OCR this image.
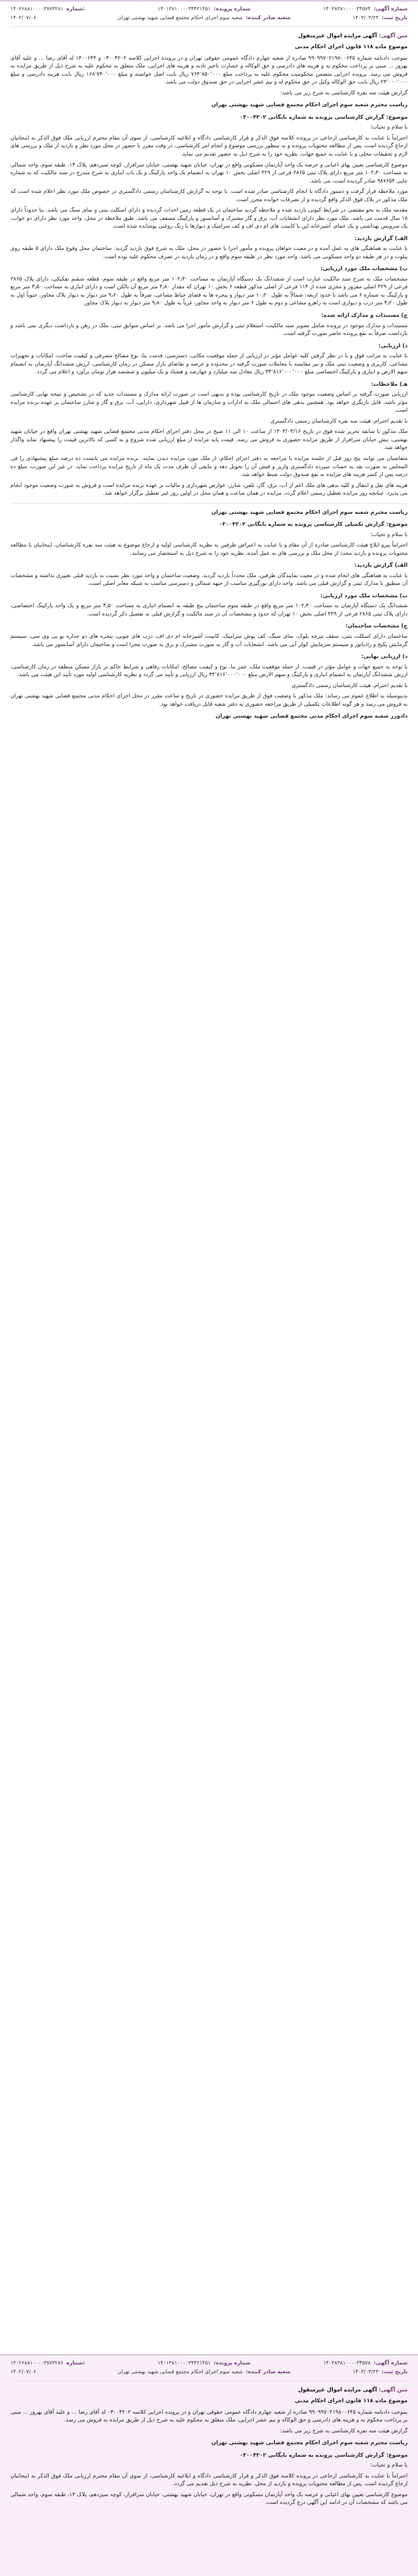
شماره آگهی:
۱۴۰۳۸۳۸۱۰۰۰۰۳۴۵۷۴
تاریخ ثبت:
۱۴۰۳/۰۳/۲۳
شماره پرونده:
۱۴۰۱۳۸۱۰۰۰۰۳۴۴۲۱۴۵۱
شعبه صادر کننده:
شعبه سوم اجرای احکام مجتمع قضایی شهید بهشتی تهران
۱۴۰۲۶۸۸۱۰۰۰۰۳۷۷۳۲۸۱ شماره:
۱۴۰۲/۰۷/۰۶
متن آگهی: آگهی مزایده اموال غیرمنقول
موضوع ماده ۱۱۸ قانون اجرای احکام مدنی

بموجب دادنامه شماره ۹۹۰۹۹۷۰۲۱۹۸۰۰۶۴۵ صادره از شعبه چهارم دادگاه عمومی حقوقی تهران و در پرونده اجرایی کلاسه ۰۳۰۰۴۲۰۲ و ۱۴۰۰۶۴۴ له آقای رضا ... و علیه آقای بهروز ... مبنی بر پرداخت محکوم به و هزینه های دادرسی و حق الوکاله و خسارت تاخیر تادیه و هزینه های اجرایی، ملک متعلق به محکوم علیه به شرح ذیل از طریق مزایده به فروش می رسد. پرونده اجرایی متضمن محکومیت محکوم علیه به پرداخت مبلغ ۷۶۴٬۸۵۰٬۰۰۰ ریال بابت اصل خواسته و مبلغ ۱۶۸٬۷۴۰٬۰۰۰ ریال بابت هزینه دادرسی و مبلغ ۲۴٬۰۰۰٬۰۰۰ ریال بابت حق الوکاله وکیل در حق محکوم له و نیم عشر اجرایی در حق صندوق دولت می باشد.

گزارش هیئت سه نفره کارشناسی به شرح زیر می باشد:

ریاست محترم شعبه سوم اجرای احکام مجتمع قضایی شهید بهشتی تهران
موضوع: گزارش کارشناسی پرونده به شماره بایگانی ۰۳۰۰۴۲۰۲

با سلام و تحیات؛

احتراماً با عنایت به کارشناسی ارجاعی در پرونده کلاسه فوق الذکر و قرار کارشناسی دادگاه و ابلاغیه کارشناسی، از سوی آن مقام محترم ارزیابی ملک فوق الذکر به اینجانبان ارجاع گردیده است. پس از مطالعه محتویات پرونده و به منظور بررسی موضوع و انجام امر کارشناسی، در وقت مقرر با حضور در محل مورد نظر و بازدید از ملک و بررسی های لازم و تحقیقات محلی و با عنایت به جمیع جهات، نظریه خود را به شرح ذیل به حضور تقدیم می نماید.

موضوع کارشناسی تعیین بهای اعیانی و عرصه یک واحد آپارتمان مسکونی واقع در تهران، خیابان شهید بهشتی، خیابان سرافراز، کوچه سیزدهم، پلاک ۱۴، طبقه سوم، واحد شمالی به مساحت ۱۰۲٫۴۰ متر مربع دارای پلاک ثبتی ۲۸۶۵ فرعی از ۴۲۹ اصلی بخش ۱۰ تهران به انضمام یک واحد پارکینگ و یک باب انباری به شرح مندرج در سند مالکیت که به شماره چاپی ۹۸۷۶۵۴ صادر گردیده است، می باشد.

مورد ملاحظه قرار گرفت و دستور دادگاه با انجام کارشناسی صادر شده است. با توجه به گزارش کارشناسان رسمی دادگستری در خصوص ملک مورد نظر اعلام شده است که ملک مذکور در پلاک فوق الذکر واقع گردیده و از تصرفات خوانده محرز است.

مقدمه ملک به نحو مقتضی در شرایط کنونی بازدید شده و ملاحظه گردید ساختمان در یک قطعه زمین احداث گردیده و دارای اسکلت بتنی و نمای سنگ می باشد. بنا حدوداً دارای ۱۸ سال قدمت می باشد. ملک مورد نظر دارای انشعابات آب، برق و گاز مشترک و آسانسور و پارکینگ مسقف می باشد. طبق ملاحظه در محل، واحد مورد نظر دارای دو خواب، یک سرویس بهداشتی و یک حمام، آشپزخانه اپن با کابینت های ام دی اف و کف سرامیک و دیوارها با رنگ روغنی پوشانده شده است.

الف) گزارش بازدید:

با عنایت به هماهنگی های به عمل آمده و در معیت خواهان پرونده و مأمور اجرا با حضور در محل، ملک به شرح فوق بازدید گردید. ساختمان محل وقوع ملک دارای ۵ طبقه روی پیلوت و در هر طبقه دو واحد مسکونی می باشد. واحد مورد نظر در طبقه سوم واقع و در زمان بازدید در تصرف محکوم علیه بوده است.

ب) مشخصات ملک مورد ارزیابی:

مشخصات ملک به شرح سند مالکیت عبارت است از ششدانگ یک دستگاه آپارتمان به مساحت ۱۰۲٫۴۰ متر مربع واقع در طبقه سوم، قطعه ششم تفکیکی، دارای پلاک ۲۸۶۵ فرعی از ۴۲۹ اصلی مفروز و مجزی شده از ۱۱۴ فرعی از اصلی مذکور قطعه ۶ بخش ۱۰ تهران که مقدار ۴٫۸۰ متر مربع آن بالکن است و دارای انباری به مساحت ۳٫۵۰ متر مربع و پارکینگ به شماره ۶ می باشد با حدود اربعه: شمالاً به طول ۱۰٫۲۰ متر دیوار و پنجره ها به فضای حیاط مشاعی، شرقاً به طول ۹٫۶۰ متر دیوار به دیوار پلاک مجاور، جنوباً اول به طول ۴٫۲۰ متر درب و دیواری است به راهرو مشاعی و دوم به طول ۶ متر دیوار به واحد مجاور، غرباً به طول ۹٫۸۰ متر دیوار به دیوار پلاک مجاور.

ج) مستندات و مدارک ارائه شده:

مستندات و مدارک موجود در پرونده شامل تصویر سند مالکیت، استعلام ثبتی و گزارش مأمور اجرا می باشد. بر اساس سوابق ثبتی، ملک در رهن و بازداشت دیگری نمی باشد و بازداشت صرفاً به نفع پرونده حاضر صورت گرفته است.

د) ارزیابی:

با عنایت به مراتب فوق و با در نظر گرفتن کلیه عوامل مؤثر در ارزیابی از جمله موقعیت مکانی، دسترسی، قدمت بنا، نوع مصالح مصرفی و کیفیت ساخت، امکانات و تجهیزات مشاعی، کاربری و وضعیت ثبتی ملک و نیز مقایسه با معاملات صورت گرفته در محدوده و عرضه و تقاضای بازار مسکن در زمان کارشناسی، ارزش ششدانگ آپارتمان به انضمام سهم الارض و انباری و پارکینگ اختصاصی مبلغ ۳۴٬۸۱۶٬۰۰۰٬۰۰۰ ریال معادل سه میلیارد و چهارصد و هشتاد و یک میلیون و ششصد هزار تومان برآورد و اعلام می گردد.

هـ) ملاحظات:

ارزیابی صورت گرفته بر اساس وضعیت موجود ملک در تاریخ کارشناسی بوده و بدیهی است در صورت ارائه مدارک و مستندات جدید که در تشخیص و نتیجه نهایی کارشناسی مؤثر باشد، قابل بازنگری خواهد بود. همچنین بدهی های احتمالی ملک به ادارات و سازمان ها از قبیل شهرداری، دارایی، آب، برق و گاز و شارژ ساختمان بر عهده برنده مزایده است.

با تقدیم احترام، هیئت سه نفره کارشناسان رسمی دادگستری

ملک مذکور با سابقه تحریر شده فوق در تاریخ ۱۴۰۳/۰۴/۱۶ از ساعت ۱۰ الی ۱۱ صبح در محل دفتر اجرای احکام مدنی مجتمع قضایی شهید بهشتی تهران واقع در خیابان شهید بهشتی، نبش خیابان سرافراز از طریق مزایده حضوری به فروش می رسد. قیمت پایه مزایده از مبلغ ارزیابی شده شروع و به کسی که بالاترین قیمت را پیشنهاد نماید واگذار خواهد شد.

متقاضیان می توانند پنج روز قبل از جلسه مزایده با مراجعه به دفتر اجرای احکام، از ملک مورد مزایده دیدن نمایند. برنده مزایده می بایست ده درصد مبلغ پیشنهادی را فی المجلس به صورت نقد به حساب سپرده دادگستری واریز و فیش آن را تحویل دهد و مابقی آن ظرف مدت یک ماه از تاریخ مزایده پرداخت نماید. در غیر این صورت، مبلغ ده درصد پس از کسر هزینه های مزایده به نفع صندوق دولت ضبط خواهد شد.

هزینه های نقل و انتقال و کلیه بدهی های ملک اعم از آب، برق، گاز، تلفن، شارژ، عوارض شهرداری و مالیات بر عهده برنده مزایده است و فروش به صورت وضعیت موجود انجام می پذیرد. چنانچه روز مزایده تعطیل رسمی اعلام گردد، مزایده در همان ساعت و همان محل در اولین روز غیر تعطیل برگزار خواهد شد.

ریاست محترم شعبه سوم اجرای احکام مجتمع قضایی شهید بهشتی تهران
موضوع: گزارش تکمیلی کارشناسی پرونده به شماره بایگانی ۰۳۰۰۴۲۰۲

با سلام و تحیات؛

احتراماً پیرو ابلاغ هیئت کارشناسی صادره از آن مقام و با عنایت به اعتراض طرفین به نظریه کارشناسی اولیه و ارجاع موضوع به هیئت سه نفره کارشناسان، اینجانبان با مطالعه محتویات پرونده و بازدید مجدد از محل ملک و بررسی های به عمل آمده، نظریه خود را به شرح ذیل به استحضار می رسانند.

الف) گزارش بازدید:

با عنایت به هماهنگی های انجام شده و در معیت نمایندگان طرفین، ملک مجدداً بازدید گردید. وضعیت ساختمان و واحد مورد نظر نسبت به بازدید قبلی تغییری نداشته و مشخصات آن منطبق با مدارک ثبتی و گزارش قبلی می باشد. واحد دارای نورگیری مناسب از جبهه شمالی و دسترسی مناسب به شبکه معابر اصلی است.

ب) مشخصات ملک مورد ارزیابی:

ششدانگ یک دستگاه آپارتمان به مساحت ۱۰۲٫۴۰ متر مربع واقع در طبقه سوم ساختمان پنج طبقه به انضمام انباری به مساحت ۳٫۵۰ متر مربع و یک واحد پارکینگ اختصاصی، دارای پلاک ثبتی ۲۸۶۵ فرعی از ۴۲۹ اصلی بخش ۱۰ تهران که حدود و مشخصات آن در سند مالکیت و گزارش قبلی به تفصیل ذکر گردیده است.

ج) مشخصات ساختمان:

ساختمان دارای اسکلت بتنی، سقف تیرچه بلوک، نمای سنگ، کف پوش سرامیک، کابینت آشپزخانه ام دی اف، درب های چوبی، پنجره های دو جداره یو پی وی سی، سیستم گرمایش پکیج و رادیاتور و سیستم سرمایش کولر آبی می باشد. انشعابات آب و گاز به صورت مشترک و برق به صورت مجزا است و ساختمان دارای آسانسور می باشد.

د) ارزیابی نهایی:

با توجه به جمیع جهات و عوامل مؤثر در قیمت، از جمله موقعیت ملک، عمر بنا، نوع و کیفیت مصالح، امکانات رفاهی و شرایط حاکم بر بازار مسکن منطقه در زمان کارشناسی، ارزش ششدانگ آپارتمان به انضمام انباری و پارکینگ و سهم الارض مبلغ ۳۴٬۸۱۶٬۰۰۰٬۰۰۰ ریال ارزیابی و تأیید می گردد و نظریه کارشناسی اولیه مورد تأیید این هیئت می باشد.

با تقدیم احترام، هیئت کارشناسان رسمی دادگستری

بدینوسیله به اطلاع عموم می رساند: ملک مذکور با وضعیت فوق از طریق مزایده حضوری در تاریخ و ساعت مقرر در محل اجرای احکام مدنی مجتمع قضایی شهید بهشتی تهران به فروش می رسد و هر گونه اطلاعات تکمیلی از طریق مراجعه حضوری به دفتر شعبه قابل دریافت خواهد بود.

دادورز شعبه سوم اجرای احکام مدنی مجتمع قضایی شهید بهشتی تهران
شماره آگهی:
۱۴۰۳۸۳۸۱۰۰۰۰۳۴۵۷۸
تاریخ ثبت:
۱۴۰۳/۰۳/۲۳
شماره پرونده:
۱۴۰۱۳۸۱۰۰۰۰۳۴۴۲۱۴۵۱
شعبه صادر کننده:
شعبه سوم اجرای احکام مجتمع قضایی شهید بهشتی تهران
۱۴۰۲۶۸۸۱۰۰۰۰۳۷۷۳۲۸۶ شماره:
۱۴۰۲/۰۷/۰۶
متن آگهی: آگهی مزایده اموال غیرمنقول
موضوع ماده ۱۱۸ قانون اجرای احکام مدنی

بموجب دادنامه شماره ۹۹۰۹۹۷۰۲۱۹۸۰۰۶۴۵ صادره از شعبه چهارم دادگاه عمومی حقوقی تهران و در پرونده اجرایی کلاسه ۰۳۰۰۴۲۰۲ له آقای رضا ... و علیه آقای بهروز ... مبنی بر پرداخت محکوم به و هزینه های دادرسی و حق الوکاله و نیم عشر اجرایی، ملک متعلق به محکوم علیه به شرح ذیل از طریق مزایده به فروش می رسد.

گزارش هیئت سه نفره کارشناسی به شرح زیر می باشد:

ریاست محترم شعبه سوم اجرای احکام مجتمع قضایی شهید بهشتی تهران
موضوع: گزارش کارشناسی پرونده به شماره بایگانی ۰۳۰۰۴۲۰۲

با سلام و تحیات؛

احتراماً با عنایت به کارشناسی ارجاعی در پرونده کلاسه فوق الذکر و قرار کارشناسی دادگاه و ابلاغیه کارشناسی، از سوی آن مقام محترم ارزیابی ملک فوق الذکر به اینجانبان ارجاع گردیده است. پس از مطالعه محتویات پرونده و بازدید از محل، نظریه به شرح ذیل تقدیم می گردد.

موضوع کارشناسی تعیین بهای اعیانی و عرصه یک واحد آپارتمان مسکونی واقع در تهران، خیابان شهید بهشتی، خیابان سرافراز، کوچه سیزدهم، پلاک ۱۴، طبقه سوم، واحد شمالی می باشد که مشخصات آن در ادامه این آگهی درج گردیده است.
